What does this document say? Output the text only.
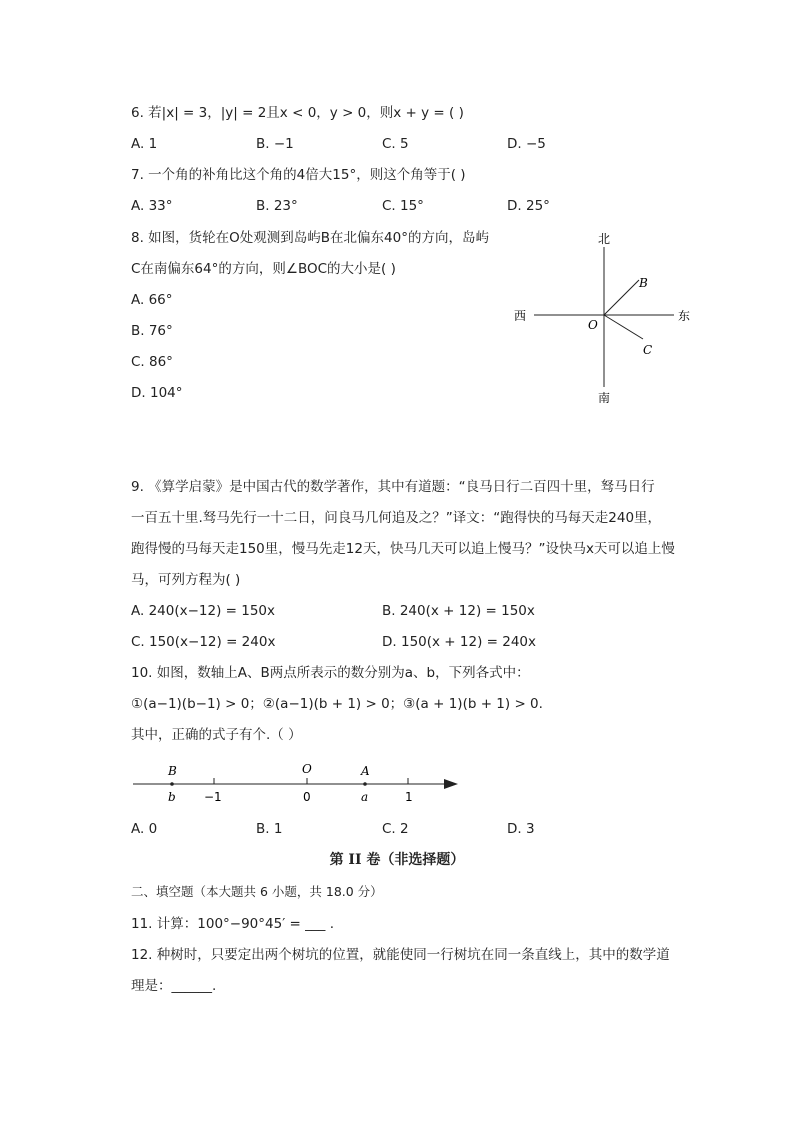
6. 若|x| = 3，|y| = 2且x < 0，y > 0，则x + y = ( )
A. 1	B. −1	C. 5	D. −5
7. 一个角的补角比这个角的4倍大15°，则这个角等于( )
A. 33°	B. 23°	C. 15°	D. 25°
8. 如图，货轮在O处观测到岛屿B在北偏东40°的方向，岛屿
C在南偏东64°的方向，则∠BOC的大小是( )
A. 66°
B. 76°
C. 86°
D. 104°
北
南
西	东
O
B
C
9. 《算学启蒙》是中国古代的数学著作，其中有道题：“良马日行二百四十里，驽马日行
一百五十里.驽马先行一十二日，问良马几何追及之？”译文：“跑得快的马每天走240里，
跑得慢的马每天走150里，慢马先走12天，快马几天可以追上慢马？”设快马x天可以追上慢
马，可列方程为( )
A. 240(x−12) = 150x	B. 240(x + 12) = 150x
C. 150(x−12) = 240x	D. 150(x + 12) = 240x
10. 如图，数轴上A、B两点所表示的数分别为a、b，下列各式中：
①(a−1)(b−1) > 0；②(a−1)(b + 1) > 0；③(a + 1)(b + 1) > 0.
其中，正确的式子有个.（ ）
B	O	A
b −1	0	a	1
A. 0	B. 1	C. 2	D. 3
第 II 卷（非选择题）
二、填空题（本大题共 6 小题，共 18.0 分）
11. 计算：100°−90°45′ = ___ .
12. 种树时，只要定出两个树坑的位置，就能使同一行树坑在同一条直线上，其中的数学道
理是：______.
